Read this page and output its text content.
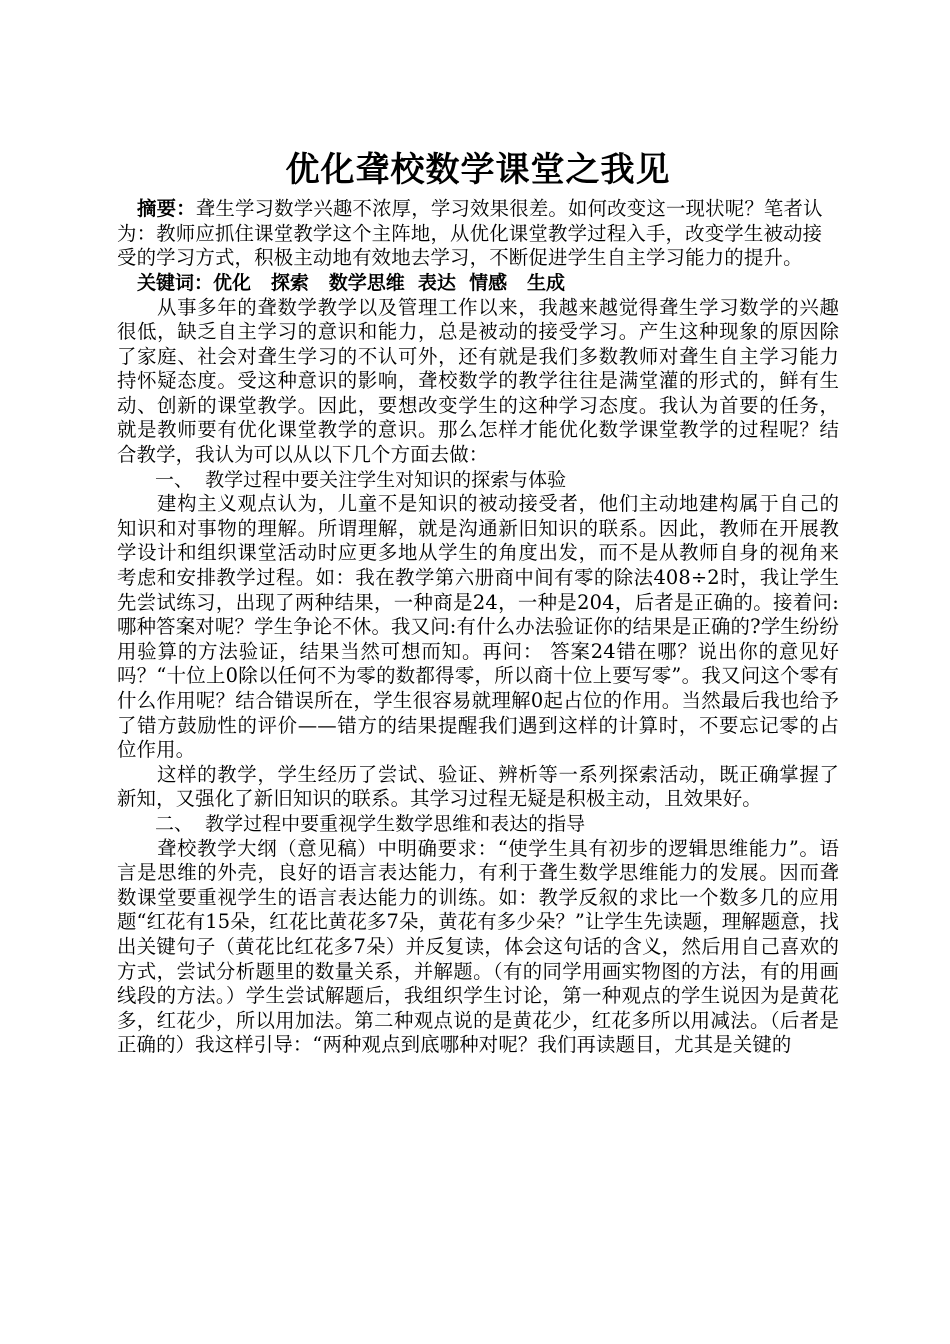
优化聋校数学课堂之我见

摘要：聋生学习数学兴趣不浓厚，学习效果很差。如何改变这一现状呢？笔者认为：教师应抓住课堂教学这个主阵地，从优化课堂教学过程入手，改变学生被动接受的学习方式，积极主动地有效地去学习，不断促进学生自主学习能力的提升。

关键词：优化   探索   数学思维  表达  情感   生成

从事多年的聋数学教学以及管理工作以来，我越来越觉得聋生学习数学的兴趣很低，缺乏自主学习的意识和能力，总是被动的接受学习。产生这种现象的原因除了家庭、社会对聋生学习的不认可外，还有就是我们多数教师对聋生自主学习能力持怀疑态度。受这种意识的影响，聋校数学的教学往往是满堂灌的形式的，鲜有生动、创新的课堂教学。因此，要想改变学生的这种学习态度。我认为首要的任务，就是教师要有优化课堂教学的意识。那么怎样才能优化数学课堂教学的过程呢？结合教学，我认为可以从以下几个方面去做：

一、  教学过程中要关注学生对知识的探索与体验

建构主义观点认为，儿童不是知识的被动接受者，他们主动地建构属于自己的知识和对事物的理解。所谓理解，就是沟通新旧知识的联系。因此，教师在开展教学设计和组织课堂活动时应更多地从学生的角度出发，而不是从教师自身的视角来考虑和安排教学过程。如：我在教学第六册商中间有零的除法408÷2时，我让学生先尝试练习，出现了两种结果，一种商是24，一种是204，后者是正确的。接着问:哪种答案对呢？学生争论不休。我又问:有什么办法验证你的结果是正确的?学生纷纷用验算的方法验证，结果当然可想而知。再问： 答案24错在哪？说出你的意见好吗？“十位上0除以任何不为零的数都得零，所以商十位上要写零”。我又问这个零有什么作用呢？结合错误所在，学生很容易就理解0起占位的作用。当然最后我也给予了错方鼓励性的评价——错方的结果提醒我们遇到这样的计算时，不要忘记零的占位作用。

这样的教学，学生经历了尝试、验证、辨析等一系列探索活动，既正确掌握了新知，又强化了新旧知识的联系。其学习过程无疑是积极主动，且效果好。

二、  教学过程中要重视学生数学思维和表达的指导

聋校教学大纲（意见稿）中明确要求：“使学生具有初步的逻辑思维能力”。语言是思维的外壳，良好的语言表达能力，有利于聋生数学思维能力的发展。因而聋数课堂要重视学生的语言表达能力的训练。如：教学反叙的求比一个数多几的应用题“红花有15朵，红花比黄花多7朵，黄花有多少朵？”让学生先读题，理解题意，找出关键句子（黄花比红花多7朵）并反复读，体会这句话的含义，然后用自己喜欢的方式，尝试分析题里的数量关系，并解题。（有的同学用画实物图的方法，有的用画线段的方法。）学生尝试解题后，我组织学生讨论，第一种观点的学生说因为是黄花多，红花少，所以用加法。第二种观点说的是黄花少，红花多所以用减法。（后者是正确的）我这样引导：“两种观点到底哪种对呢？我们再读题目，尤其是关键的
